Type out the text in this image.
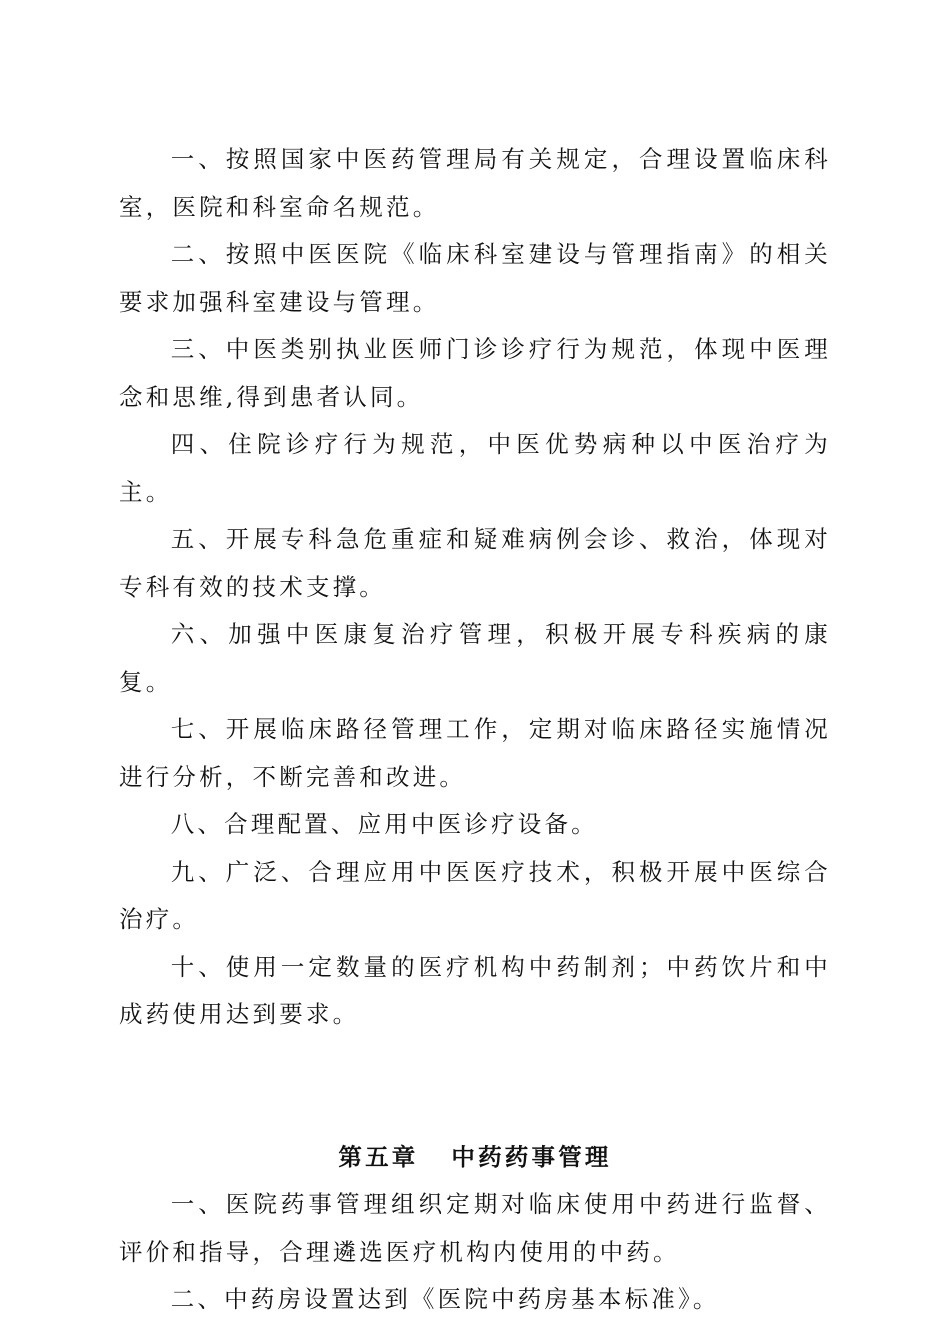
一、按照国家中医药管理局有关规定，合理设置临床科室，医院和科室命名规范。

二、按照中医医院《临床科室建设与管理指南》的相关要求加强科室建设与管理。

三、中医类别执业医师门诊诊疗行为规范，体现中医理念和思维,得到患者认同。

四、住院诊疗行为规范，中医优势病种以中医治疗为主。

五、开展专科急危重症和疑难病例会诊、救治，体现对专科有效的技术支撑。

六、加强中医康复治疗管理，积极开展专科疾病的康复。

七、开展临床路径管理工作，定期对临床路径实施情况进行分析，不断完善和改进。

八、合理配置、应用中医诊疗设备。

九、广泛、合理应用中医医疗技术，积极开展中医综合治疗。

十、使用一定数量的医疗机构中药制剂；中药饮片和中成药使用达到要求。

第五章 中药药事管理

一、医院药事管理组织定期对临床使用中药进行监督、评价和指导，合理遴选医疗机构内使用的中药。

二、中药房设置达到《医院中药房基本标准》。
